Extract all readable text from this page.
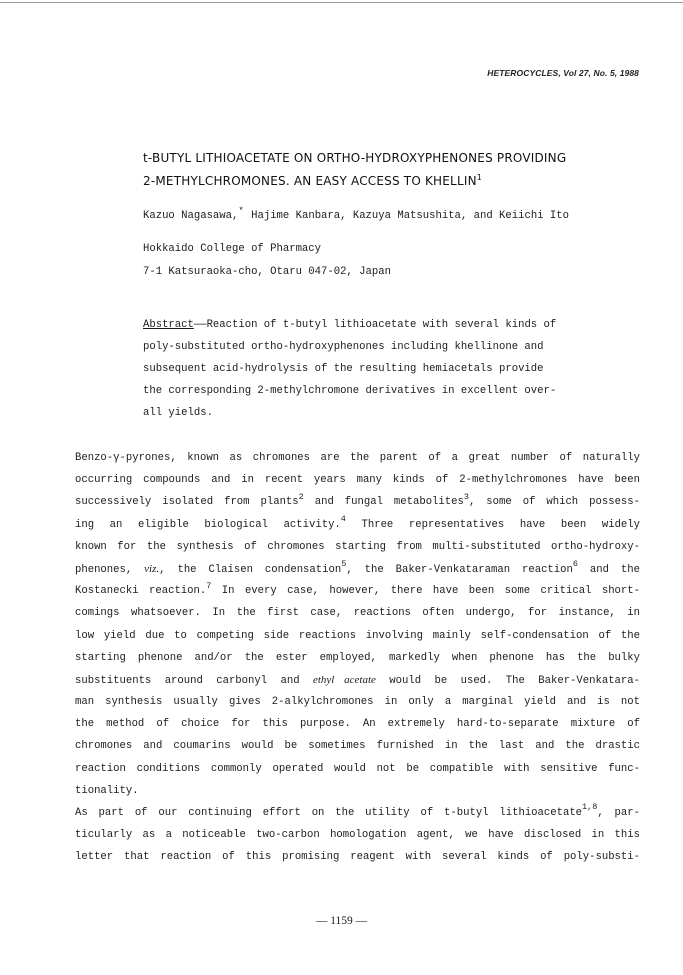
HETEROCYCLES, Vol 27, No. 5, 1988
t-BUTYL LITHIOACETATE ON ORTHO-HYDROXYPHENONES PROVIDING
2-METHYLCHROMONES. AN EASY ACCESS TO KHELLIN$^1$
Kazuo Nagasawa,* Hajime Kanbara, Kazuya Matsushita, and Keiichi Ito
Hokkaido College of Pharmacy
7-1 Katsuraoka-cho, Otaru 047-02, Japan
Abstract——Reaction of t-butyl lithioacetate with several kinds of
poly-substituted ortho-hydroxyphenones including khellinone and
subsequent acid-hydrolysis of the resulting hemiacetals provide
the corresponding 2-methylchromone derivatives in excellent over-
all yields.
Benzo-γ-pyrones, known as chromones are the parent of a great number of naturally
occurring compounds and in recent years many kinds of 2-methylchromones have been
successively isolated from plants$^2$ and fungal metabolites$^3$, some of which possess-
ing an eligible biological activity.$^4$ Three representatives have been widely
known for the synthesis of chromones starting from multi-substituted ortho-hydroxy-
phenones, viz., the Claisen condensation$^5$, the Baker-Venkataraman reaction$^6$ and the
Kostanecki reaction.$^7$ In every case, however, there have been some critical short-
comings whatsoever. In the first case, reactions often undergo, for instance, in
low yield due to competing side reactions involving mainly self-condensation of the
starting phenone and/or the ester employed, markedly when phenone has the bulky
substituents around carbonyl and ethyl acetate would be used. The Baker-Venkatara-
man synthesis usually gives 2-alkylchromones in only a marginal yield and is not
the method of choice for this purpose. An extremely hard-to-separate mixture of
chromones and coumarins would be sometimes furnished in the last and the drastic
reaction conditions commonly operated would not be compatible with sensitive func-
tionality.
As part of our continuing effort on the utility of t-butyl lithioacetate$^{1,8}$, par-
ticularly as a noticeable two-carbon homologation agent, we have disclosed in this
letter that reaction of this promising reagent with several kinds of poly-substi-
— 1159 —
